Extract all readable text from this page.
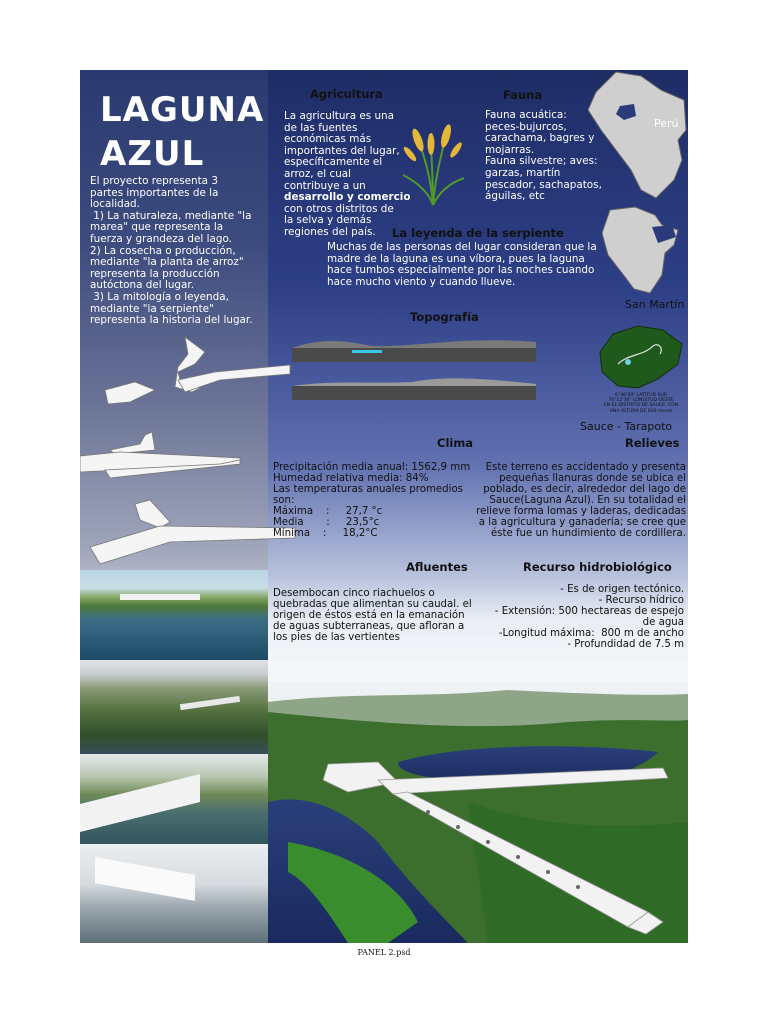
LAGUNA
AZUL
El proyecto representa 3
partes importantes de la
localidad.
1) La naturaleza, mediante "la
marea" que representa la
fuerza y grandeza del lago.
2) La cosecha o producción,
mediante "la planta de arroz"
representa la producción
autóctona del lugar.
3) La mitología o leyenda,
mediante "la serpiente"
representa la historia del lugar.
Agricultura
La agricultura es una
de las fuentes
económicas más
importantes del lugar,
específicamente el
arroz, el cual
contribuye a un
desarrollo y comercio
con otros distritos de
la selva y demás
regiones del país.
Fauna
Fauna acuática:
peces-bujurcos,
carachama, bagres y
mojarras.
Fauna silvestre; aves:
garzas, martín
pescador, sachapatos,
águilas, etc
Perú
San Martín
6°46'00" LATITUD SUR
76°12'30" LONGITUD OESTE
EN EL DISTRITO DE SAUCE, CON
UNA ALTURA DE 630 msnm
Sauce - Tarapoto
La leyenda de la serpiente
Muchas de las personas del lugar consideran que la
madre de la laguna es una víbora, pues la laguna
hace tumbos especialmente por las noches cuando
hace mucho viento y cuando llueve.
Topografía
Clima	Relieves
Precipitación media anual: 1562,9 mm
Humedad relativa media: 84%
Las temperaturas anuales promedios
son:
Máxima    :     27,7 °c
Media       :     23,5°c
Mínima    :     18,2°C
Este terreno es accidentado y presenta
pequeñas llanuras donde se ubica el
poblado, es decir, alrededor del lago de
Sauce(Laguna Azul). En su totalidad el
relieve forma lomas y laderas, dedicadas
a la agricultura y ganadería; se cree que
éste fue un hundimiento de cordillera.
Afluentes	Recurso hidrobiológico
Desembocan cinco riachuelos o
quebradas que alimentan su caudal. el
origen de éstos está en la emanación
de aguas subterraneas, que afloran a
los pies de las vertientes
- Es de origen tectónico.
- Recurso hídrico
- Extensión: 500 hectareas de espejo
de agua
-Longitud máxima:  800 m de ancho
- Profundidad de 7.5 m
PANEL 2.psd
